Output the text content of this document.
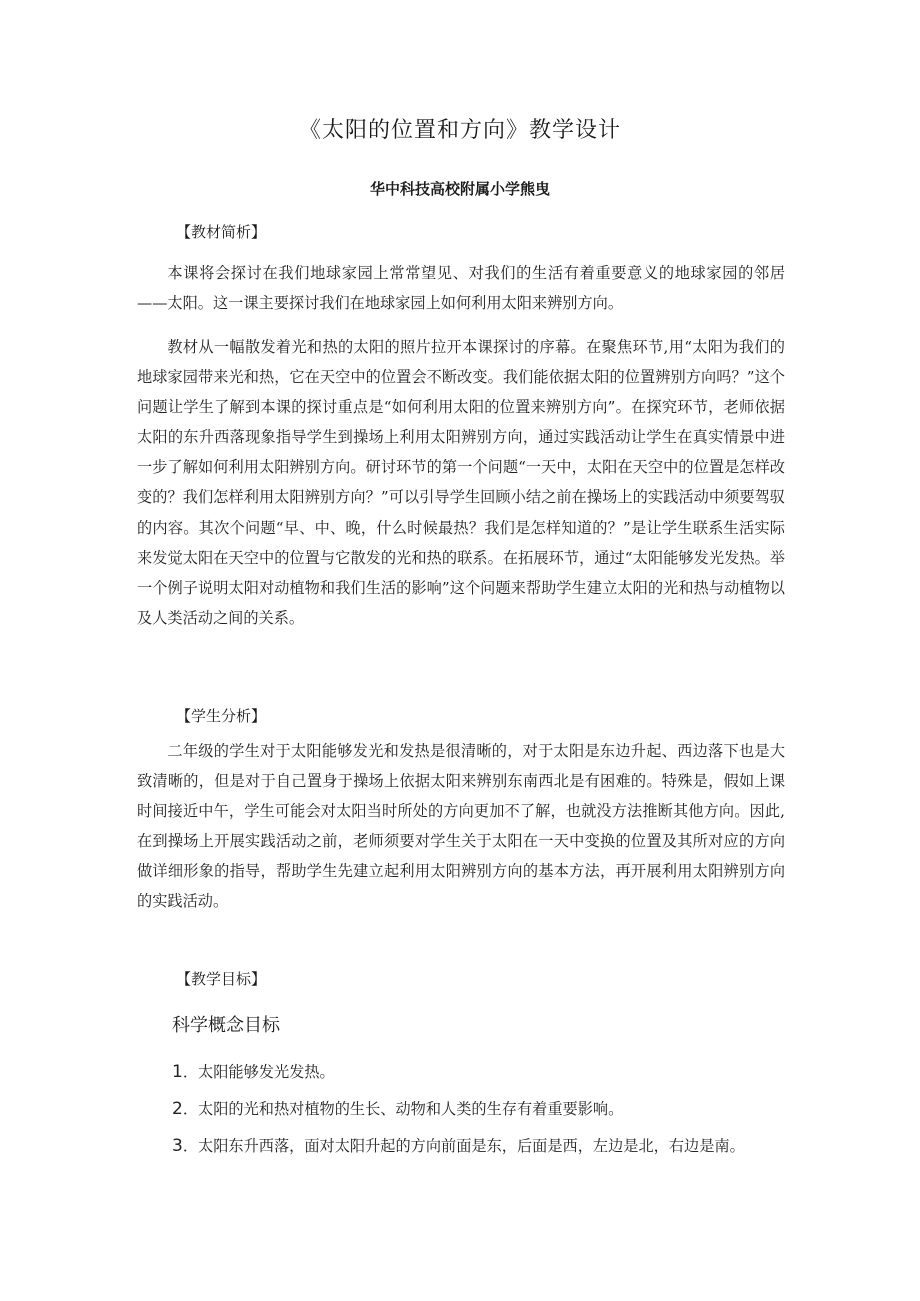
《太阳的位置和方向》教学设计
华中科技高校附属小学熊曳
【教材简析】

本课将会探讨在我们地球家园上常常望见、对我们的生活有着重要意义的地球家园的邻居——太阳。这一课主要探讨我们在地球家园上如何利用太阳来辨别方向。

教材从一幅散发着光和热的太阳的照片拉开本课探讨的序幕。在聚焦环节,用“太阳为我们的地球家园带来光和热，它在天空中的位置会不断改变。我们能依据太阳的位置辨别方向吗？”这个问题让学生了解到本课的探讨重点是“如何利用太阳的位置来辨别方向”。在探究环节，老师依据太阳的东升西落现象指导学生到操场上利用太阳辨别方向，通过实践活动让学生在真实情景中进一步了解如何利用太阳辨别方向。研讨环节的第一个问题“一天中，太阳在天空中的位置是怎样改变的？我们怎样利用太阳辨别方向？”可以引导学生回顾小结之前在操场上的实践活动中须要驾驭的内容。其次个问题“早、中、晚，什么时候最热？我们是怎样知道的？”是让学生联系生活实际来发觉太阳在天空中的位置与它散发的光和热的联系。在拓展环节，通过“太阳能够发光发热。举一个例子说明太阳对动植物和我们生活的影响”这个问题来帮助学生建立太阳的光和热与动植物以及人类活动之间的关系。

【学生分析】

二年级的学生对于太阳能够发光和发热是很清晰的，对于太阳是东边升起、西边落下也是大致清晰的，但是对于自己置身于操场上依据太阳来辨别东南西北是有困难的。特殊是，假如上课时间接近中午，学生可能会对太阳当时所处的方向更加不了解，也就没方法推断其他方向。因此,在到操场上开展实践活动之前，老师须要对学生关于太阳在一天中变换的位置及其所对应的方向做详细形象的指导，帮助学生先建立起利用太阳辨别方向的基本方法，再开展利用太阳辨别方向的实践活动。

【教学目标】
科学概念目标
1．太阳能够发光发热。
2．太阳的光和热对植物的生长、动物和人类的生存有着重要影响。
3．太阳东升西落，面对太阳升起的方向前面是东，后面是西，左边是北，右边是南。
